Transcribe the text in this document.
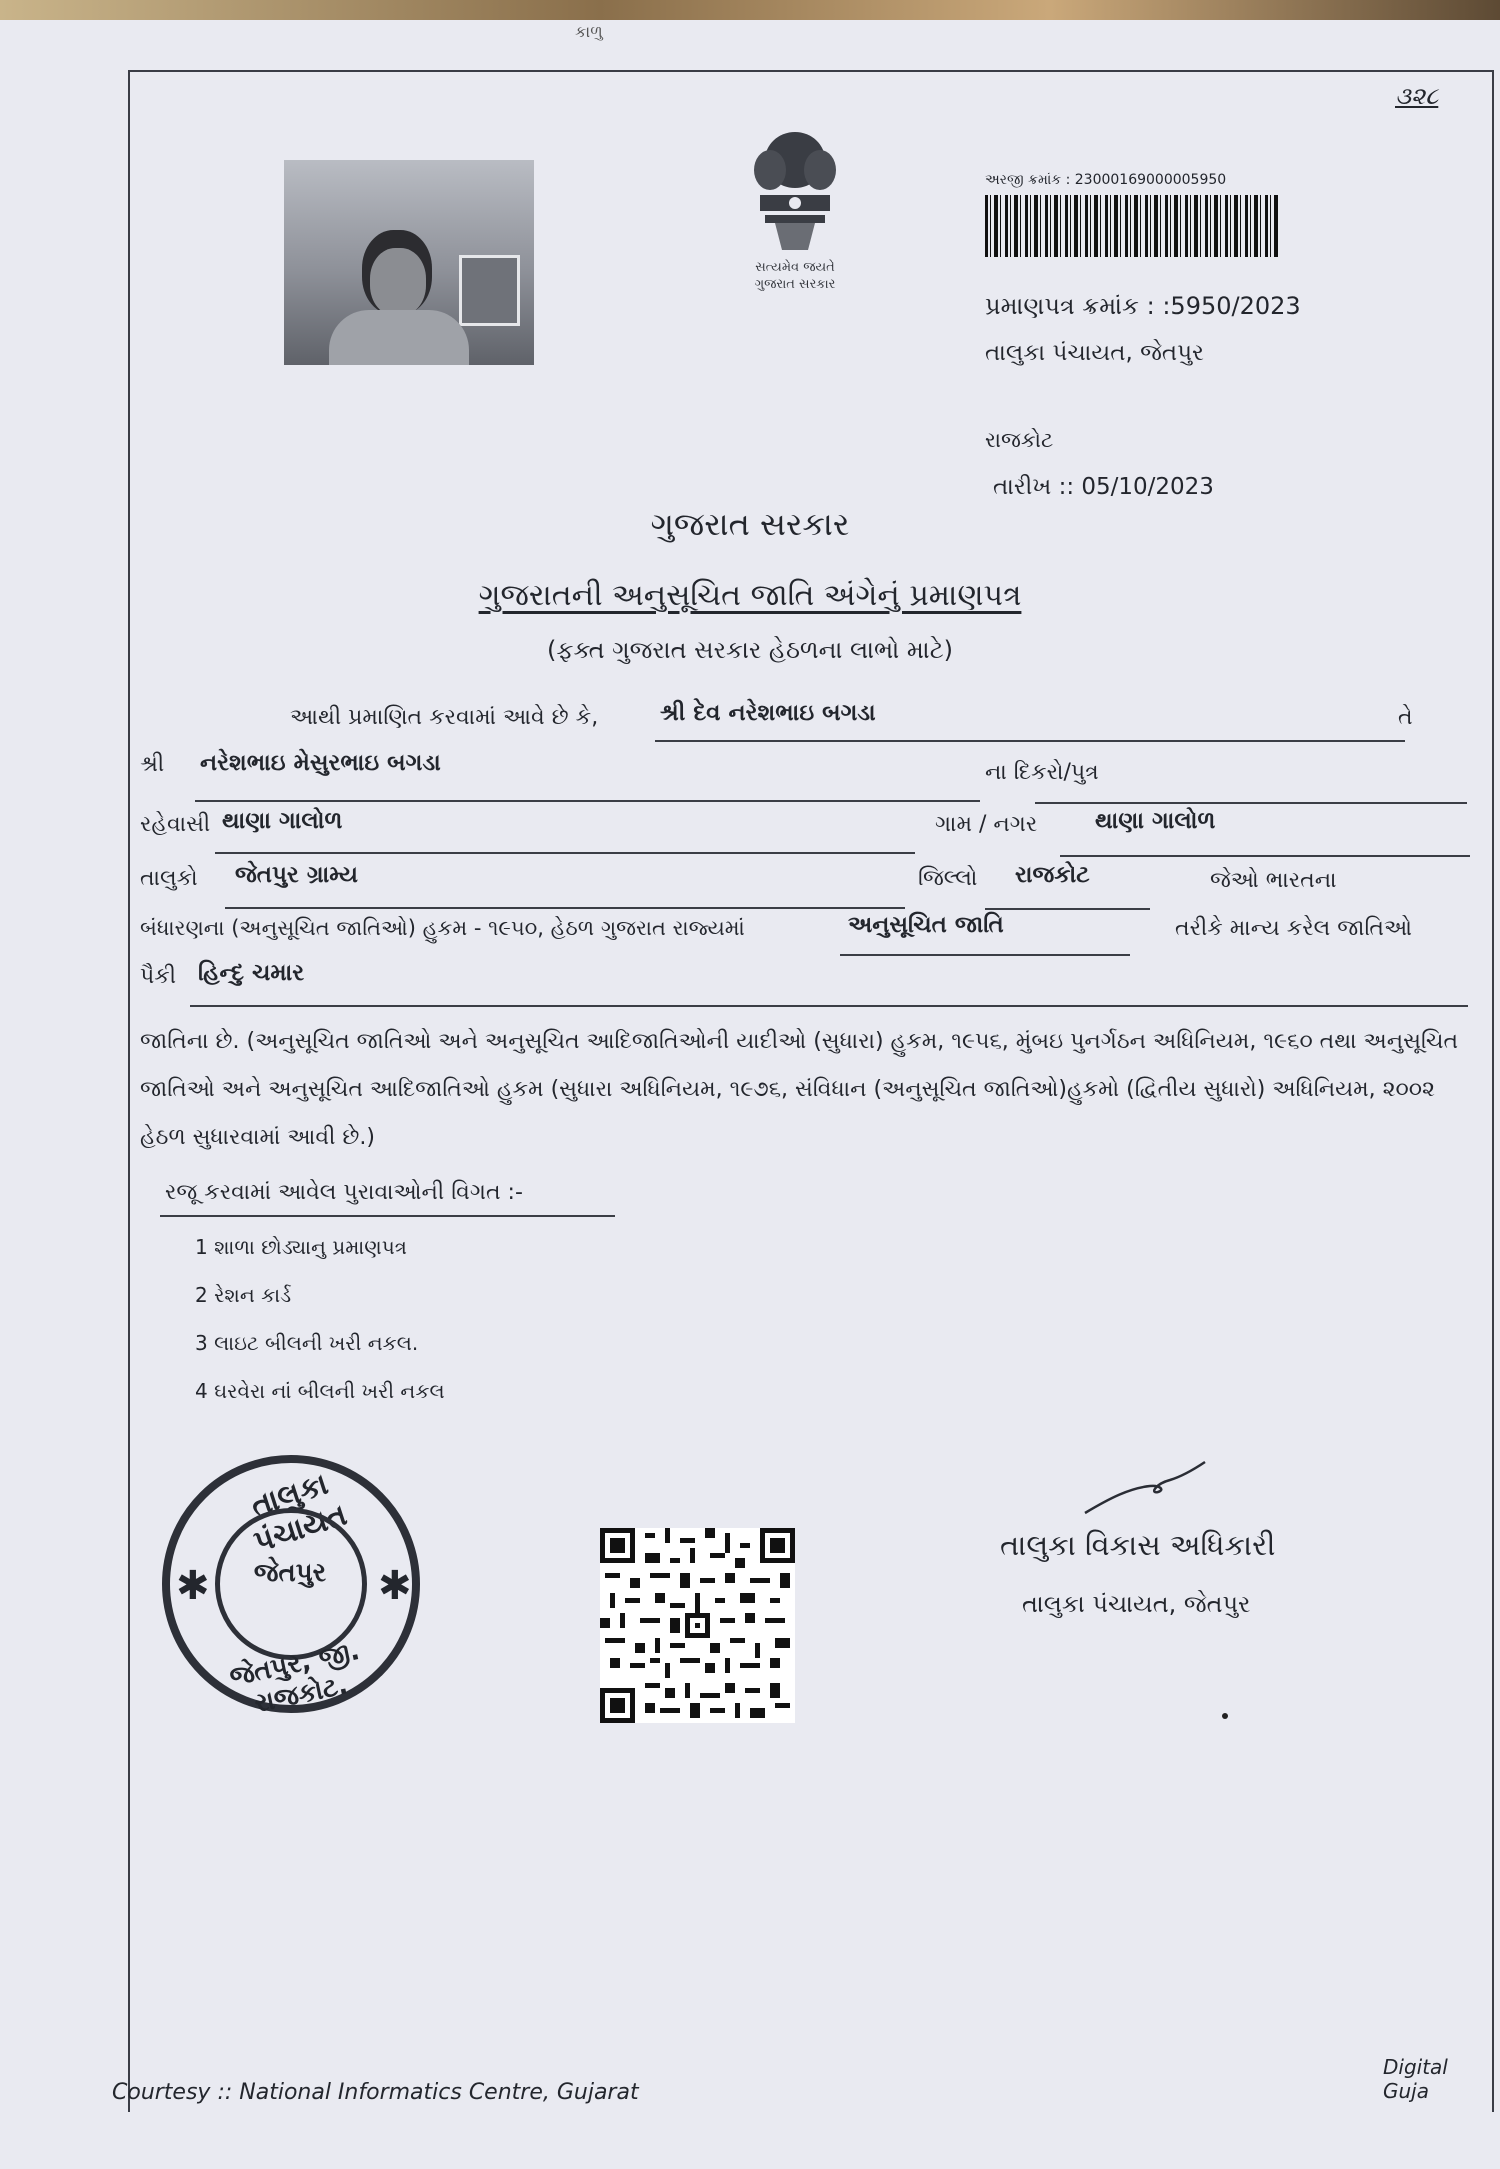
કાળુ
૩૨૮
સત્યમેવ જયતે
ગુજરાત સરકાર
અરજી ક્રમાંક : 23000169000005950
પ્રમાણપત્ર ક્રમાંક : :5950/2023
તાલુકા પંચાયત, જેતપુર
રાજકોટ
તારીખ :: 05/10/2023
ગુજરાત સરકાર
ગુજરાતની અનુસૂચિત જાતિ અંગેનું પ્રમાણપત્ર
(ફક્ત ગુજરાત સરકાર હેઠળના લાભો માટે)
આથી પ્રમાણિત કરવામાં આવે છે કે,	શ્રી દેવ નરેશભાઇ બગડા	તે
શ્રી નરેશભાઇ મેસુરભાઇ બગડા	ના દિકરો/પુત્ર
રહેવાસી થાણા ગાલોળ	ગામ / નગર	થાણા ગાલોળ
તાલુકો જેતપુર ગ્રામ્ય	જિલ્લો રાજકોટ	જેઓ ભારતના
બંધારણના (અનુસૂચિત જાતિઓ) હુકમ - ૧૯૫૦, હેઠળ ગુજરાત રાજ્યમાં	અનુસૂચિત જાતિ	તરીકે માન્ય કરેલ જાતિઓ
પૈકી હિન્દુ ચમાર
જાતિના છે. (અનુસૂચિત જાતિઓ અને અનુસૂચિત આદિજાતિઓની યાદીઓ (સુધારા) હુકમ, ૧૯૫૬, મુંબઇ પુનર્ગઠન અધિનિયમ, ૧૯૬૦ તથા અનુસૂચિત જાતિઓ અને અનુસૂચિત આદિજાતિઓ હુકમ (સુધારા અધિનિયમ, ૧૯૭૬, સંવિધાન (અનુસૂચિત જાતિઓ)હુકમો (દ્વિતીય સુધારો) અધિનિયમ, ૨૦૦૨ હેઠળ સુધારવામાં આવી છે.)
રજૂ કરવામાં આવેલ પુરાવાઓની વિગત :-
1 શાળા છોડ્યાનુ પ્રમાણપત્ર
2 રેશન કાર્ડ
3 લાઇટ બીલની ખરી નકલ.
4 ઘરવેરા નાં બીલની ખરી નકલ
તાલુકા પંચાયત
✱	✱
જેતપુર
જેતપુર, જી. રાજકોટ.
તાલુકા વિકાસ અધિકારી
તાલુકા પંચાયત, જેતપુર
Courtesy :: National Informatics Centre, Gujarat
Digital Guja
